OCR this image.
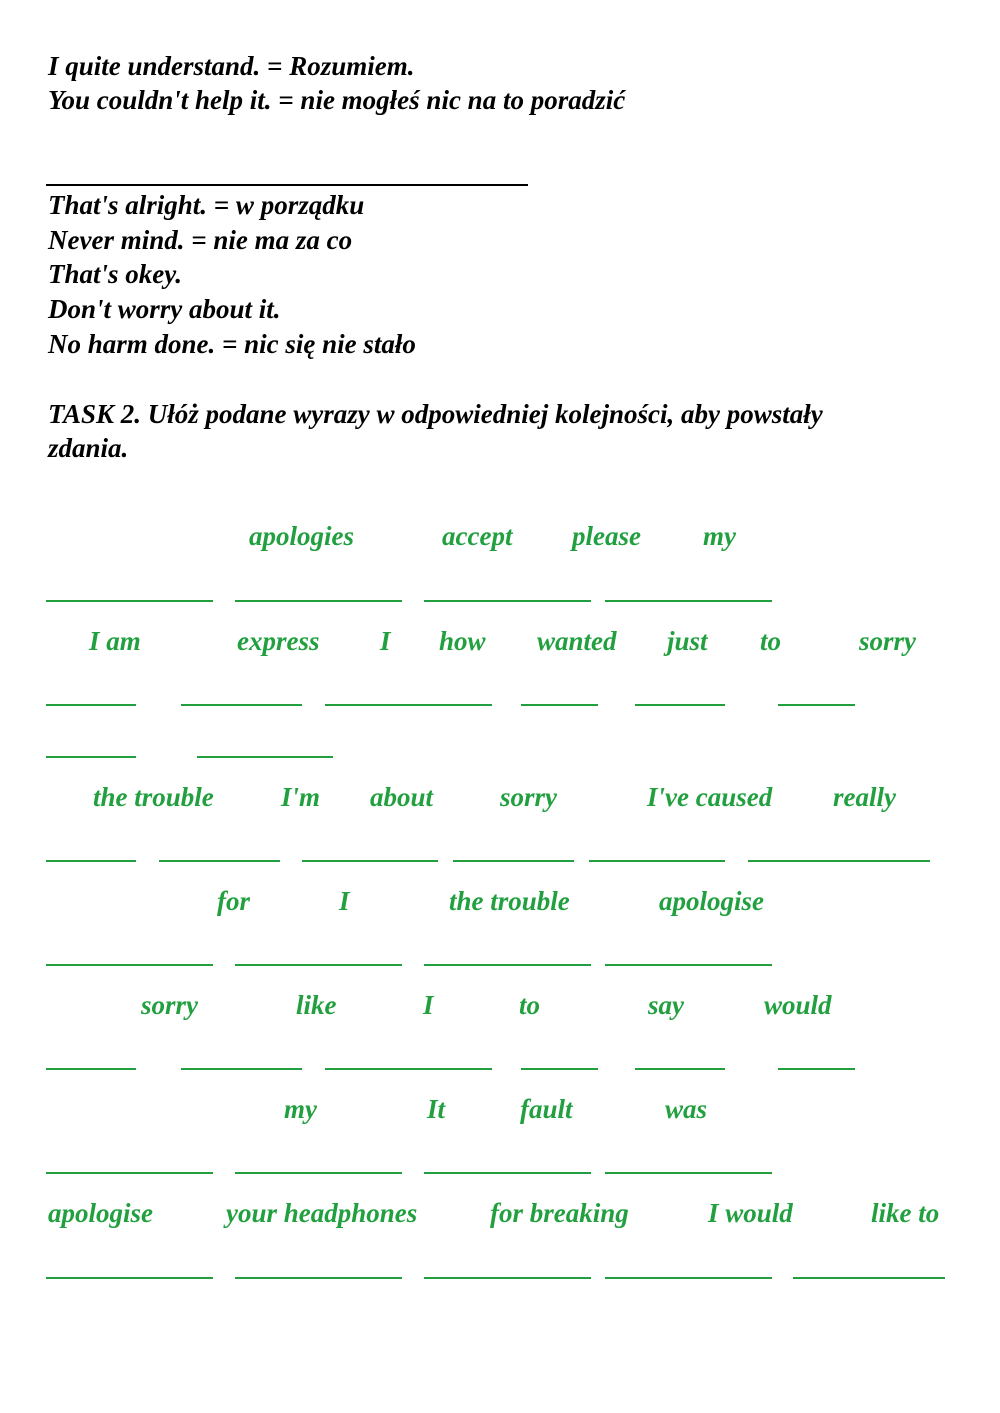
I quite understand. = Rozumiem.
You couldn't help it. = nie mogłeś nic na to poradzić
That's alright. = w porządku
Never mind. = nie ma za co
That's okey.
Don't worry about it.
No harm done. = nic się nie stało
TASK 2. Ułóż podane wyrazy w odpowiedniej kolejności, aby powstały
zdania.
apologies	accept please my
I am	express I how wanted just to	sorry
the trouble I'm about sorry	I've caused really
for	I	the trouble	apologise
sorry	like	I	to	say	would
my	It	fault	was
apologise	your headphones	for breaking	I would	like to
